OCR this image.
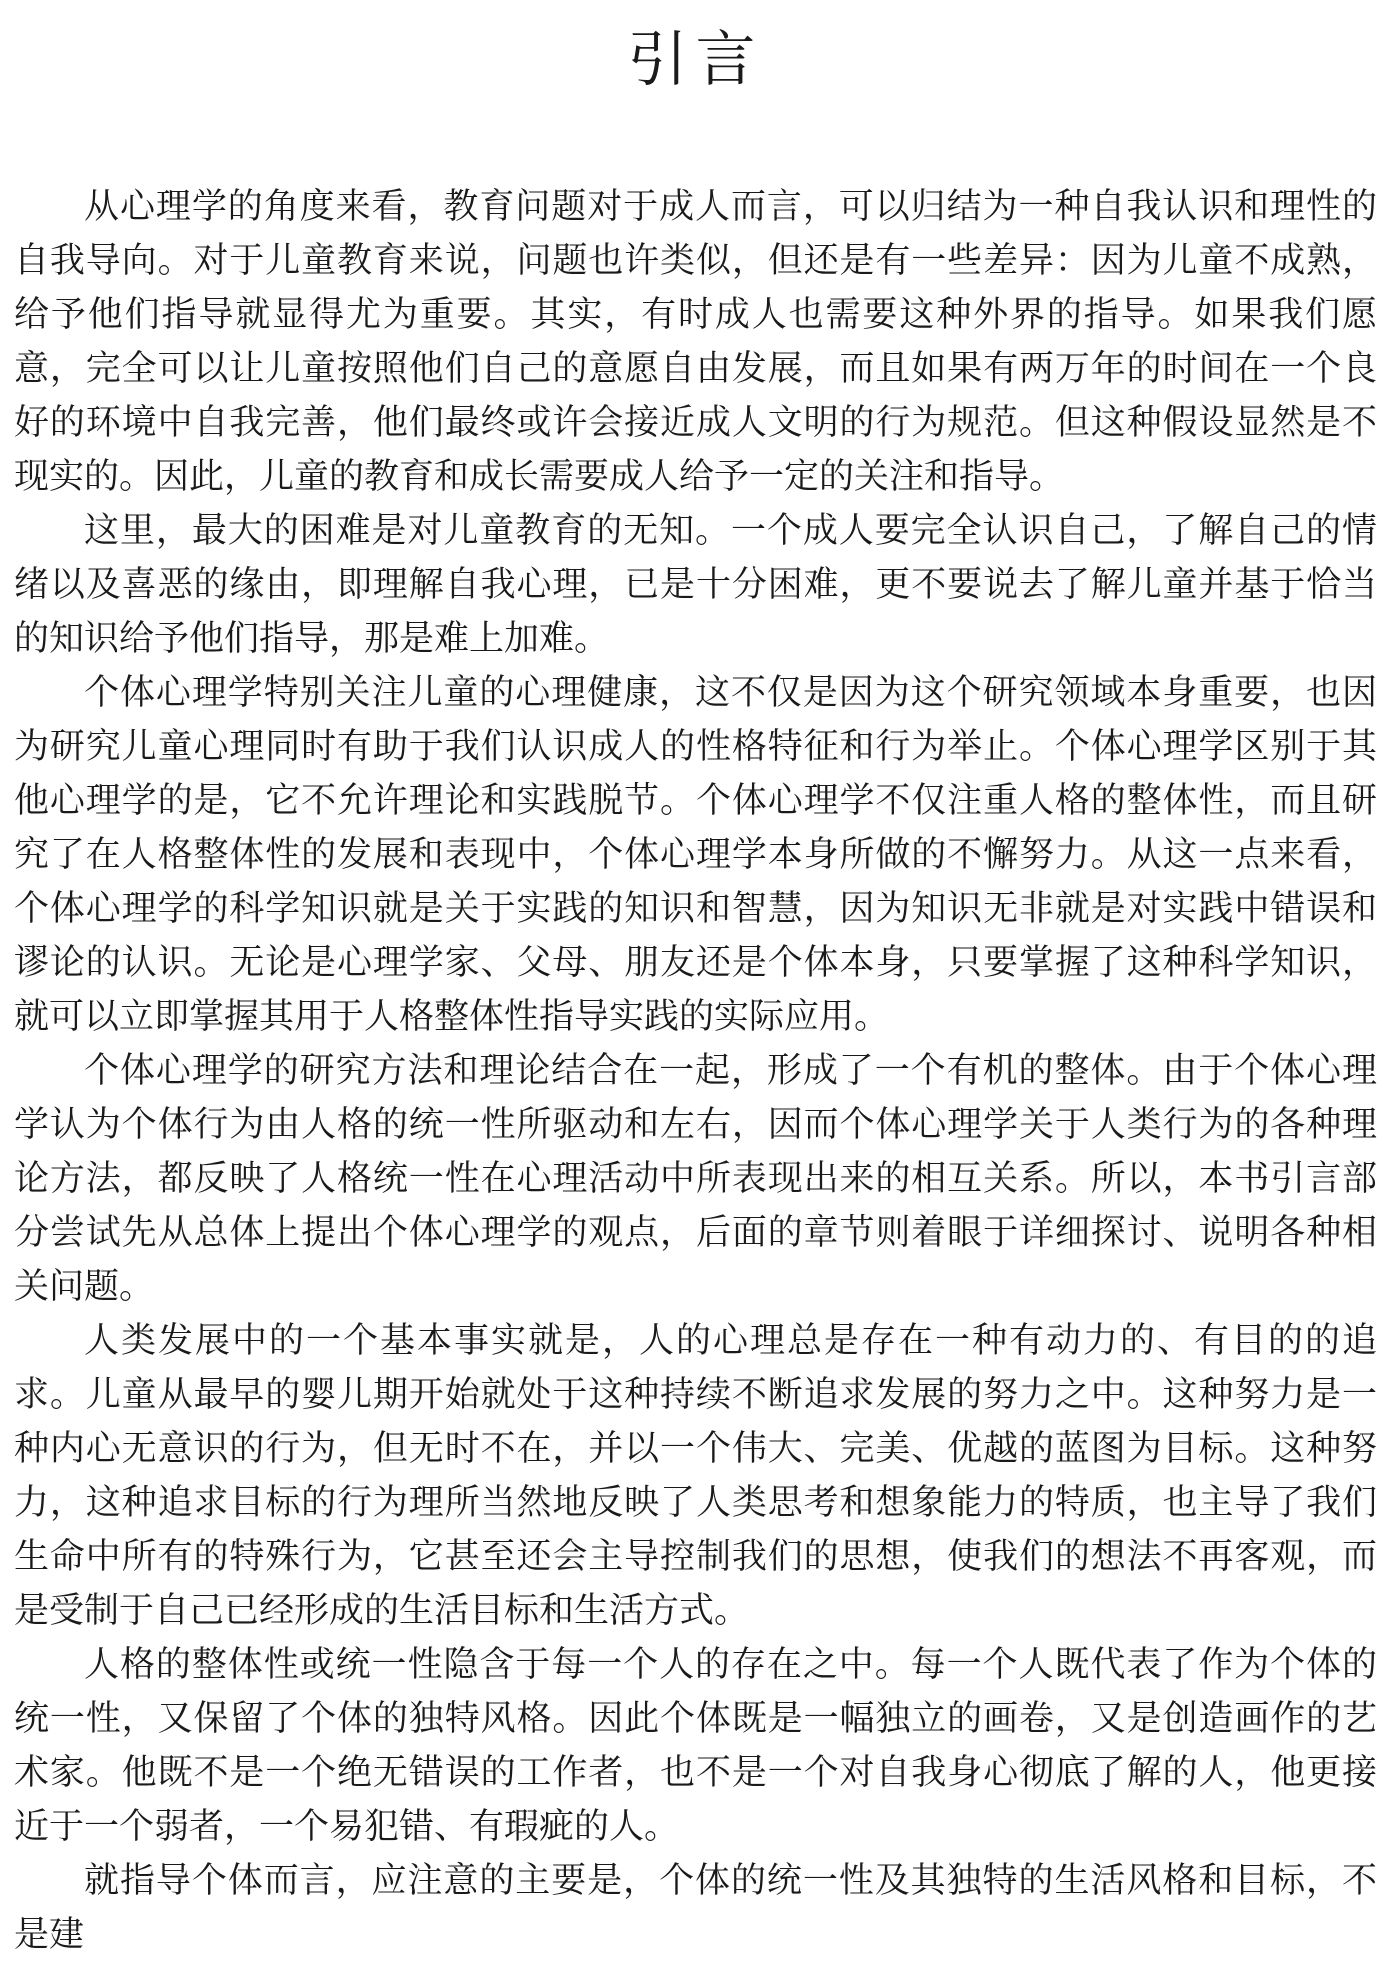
引言

从心理学的角度来看，教育问题对于成人而言，可以归结为一种自我认识和理性的自我导向。对于儿童教育来说，问题也许类似，但还是有一些差异：因为儿童不成熟，给予他们指导就显得尤为重要。其实，有时成人也需要这种外界的指导。如果我们愿意，完全可以让儿童按照他们自己的意愿自由发展，而且如果有两万年的时间在一个良好的环境中自我完善，他们最终或许会接近成人文明的行为规范。但这种假设显然是不现实的。因此，儿童的教育和成长需要成人给予一定的关注和指导。

这里，最大的困难是对儿童教育的无知。一个成人要完全认识自己，了解自己的情绪以及喜恶的缘由，即理解自我心理，已是十分困难，更不要说去了解儿童并基于恰当的知识给予他们指导，那是难上加难。

个体心理学特别关注儿童的心理健康，这不仅是因为这个研究领域本身重要，也因为研究儿童心理同时有助于我们认识成人的性格特征和行为举止。个体心理学区别于其他心理学的是，它不允许理论和实践脱节。个体心理学不仅注重人格的整体性，而且研究了在人格整体性的发展和表现中，个体心理学本身所做的不懈努力。从这一点来看，个体心理学的科学知识就是关于实践的知识和智慧，因为知识无非就是对实践中错误和谬论的认识。无论是心理学家、父母、朋友还是个体本身，只要掌握了这种科学知识，就可以立即掌握其用于人格整体性指导实践的实际应用。

个体心理学的研究方法和理论结合在一起，形成了一个有机的整体。由于个体心理学认为个体行为由人格的统一性所驱动和左右，因而个体心理学关于人类行为的各种理论方法，都反映了人格统一性在心理活动中所表现出来的相互关系。所以，本书引言部分尝试先从总体上提出个体心理学的观点，后面的章节则着眼于详细探讨、说明各种相关问题。

人类发展中的一个基本事实就是，人的心理总是存在一种有动力的、有目的的追求。儿童从最早的婴儿期开始就处于这种持续不断追求发展的努力之中。这种努力是一种内心无意识的行为，但无时不在，并以一个伟大、完美、优越的蓝图为目标。这种努力，这种追求目标的行为理所当然地反映了人类思考和想象能力的特质，也主导了我们生命中所有的特殊行为，它甚至还会主导控制我们的思想，使我们的想法不再客观，而是受制于自己已经形成的生活目标和生活方式。

人格的整体性或统一性隐含于每一个人的存在之中。每一个人既代表了作为个体的统一性，又保留了个体的独特风格。因此个体既是一幅独立的画卷，又是创造画作的艺术家。他既不是一个绝无错误的工作者，也不是一个对自我身心彻底了解的人，他更接近于一个弱者，一个易犯错、有瑕疵的人。

就指导个体而言，应注意的主要是，个体的统一性及其独特的生活风格和目标，不是建
